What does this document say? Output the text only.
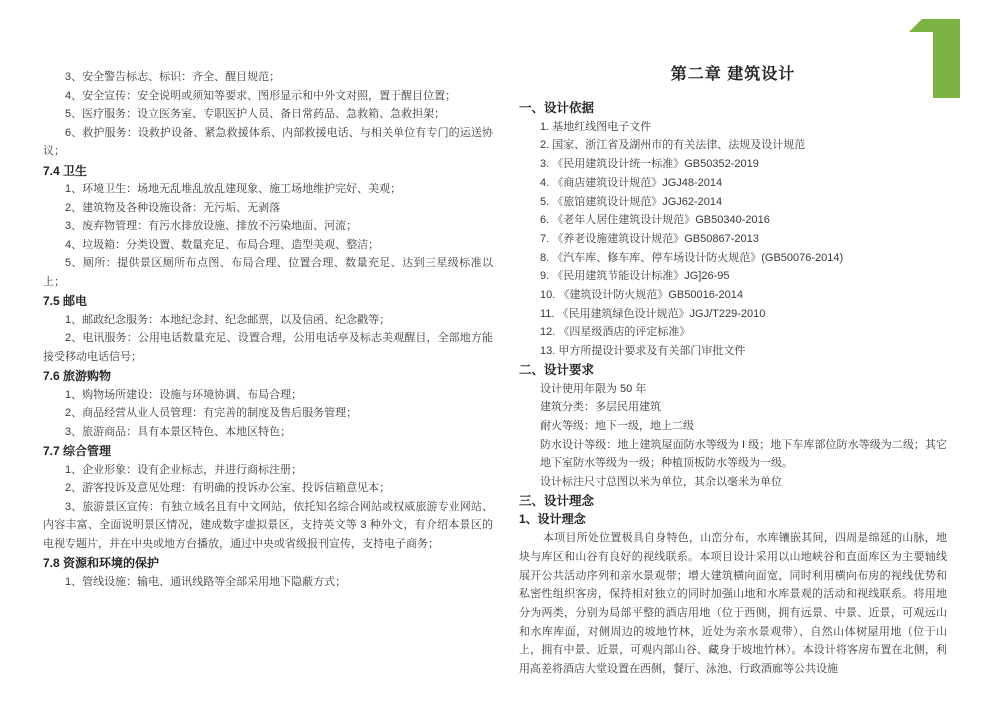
3、安全警告标志、标识：齐全、醒目规范；

4、安全宣传：安全说明或须知等要求、图形显示和中外文对照，置于醒目位置；

5、医疗服务：设立医务室、专职医护人员、备日常药品、急救箱、急救担架；

6、救护服务：设救护设备、紧急救援体系、内部救援电话、与相关单位有专门的运送协议；

7.4 卫生

1、环境卫生：场地无乱堆乱放乱建现象、施工场地维护完好、美观；

2、建筑物及各种设施设备：无污垢、无剥落

3、废弃物管理：有污水排放设施、排放不污染地面、河流；

4、垃圾箱：分类设置、数量充足、布局合理、造型美观、整洁；

5、厕所：提供景区厕所布点图、布局合理、位置合理、数量充足、达到三星级标准以上；

7.5 邮电

1、邮政纪念服务：本地纪念封、纪念邮票，以及信函、纪念戳等；

2、电讯服务：公用电话数量充足、设置合理，公用电话亭及标志美观醒目，全部地方能接受移动电话信号；

7.6 旅游购物

1、购物场所建设：设施与环境协调、布局合理；

2、商品经营从业人员管理：有完善的制度及售后服务管理；

3、旅游商品：具有本景区特色、本地区特色；

7.7 综合管理

1、企业形象：设有企业标志，并进行商标注册；

2、游客投诉及意见处理：有明确的投诉办公室、投诉信箱意见本；

3、旅游景区宣传：有独立域名且有中文网站，依托知名综合网站或权威旅游专业网站、内容丰富、全面说明景区情况，建成数字虚拟景区，支持英文等 3 种外文，有介绍本景区的电视专题片，并在中央或地方台播放，通过中央或省级报刊宣传，支持电子商务；

7.8 资源和环境的保护

1、管线设施：输电、通讯线路等全部采用地下隐蔽方式；

第二章 建筑设计
一、设计依据

1. 基地红线图电子文件

2. 国家、浙江省及湖州市的有关法律、法规及设计规范

3. 《民用建筑设计统一标准》GB50352-2019

4. 《商店建筑设计规范》JGJ48-2014

5. 《旅馆建筑设计规范》JGJ62-2014

6. 《老年人居住建筑设计规范》GB50340-2016

7. 《养老设施建筑设计规范》GB50867-2013

8. 《汽车库、修车库、停车场设计防火规范》(GB50076-2014)

9. 《民用建筑节能设计标准》JG]26-95

10. 《建筑设计防火规范》GB50016-2014

11. 《民用建筑绿色设计规范》JGJ/T229-2010

12. 《四星级酒店的评定标准》

13. 甲方所提设计要求及有关部门审批文件

二、设计要求

设计使用年限为 50 年

建筑分类：多层民用建筑

耐火等级：地下一级，地上二级

防水设计等级：地上建筑屋面防水等级为 I 级；地下车库部位防水等级为二级；其它地下室防水等级为一级；种植顶板防水等级为一级。

设计标注尺寸总图以米为单位，其余以毫米为单位

三、设计理念
1、设计理念

本项目所处位置极具自身特色，山峦分布，水库镶嵌其间，四周是绵延的山脉，地块与库区和山谷有良好的视线联系。本项目设计采用以山地峡谷和直面库区为主要轴线展开公共活动序列和亲水景观带；增大建筑横向面宽，同时利用横向布房的视线优势和私密性组织客房，保持相对独立的同时加强山地和水库景观的活动和视线联系。将用地分为两类，分别为局部平整的酒店用地（位于西侧，拥有远景、中景、近景，可观远山和水库库面，对侧周边的坡地竹林，近处为亲水景观带）、自然山体树屋用地（位于山上，拥有中景、近景，可观内部山谷、藏身于坡地竹林）。本设计将客房布置在北侧，利用高差将酒店大堂设置在西侧，餐厅、泳池、行政酒廊等公共设施
